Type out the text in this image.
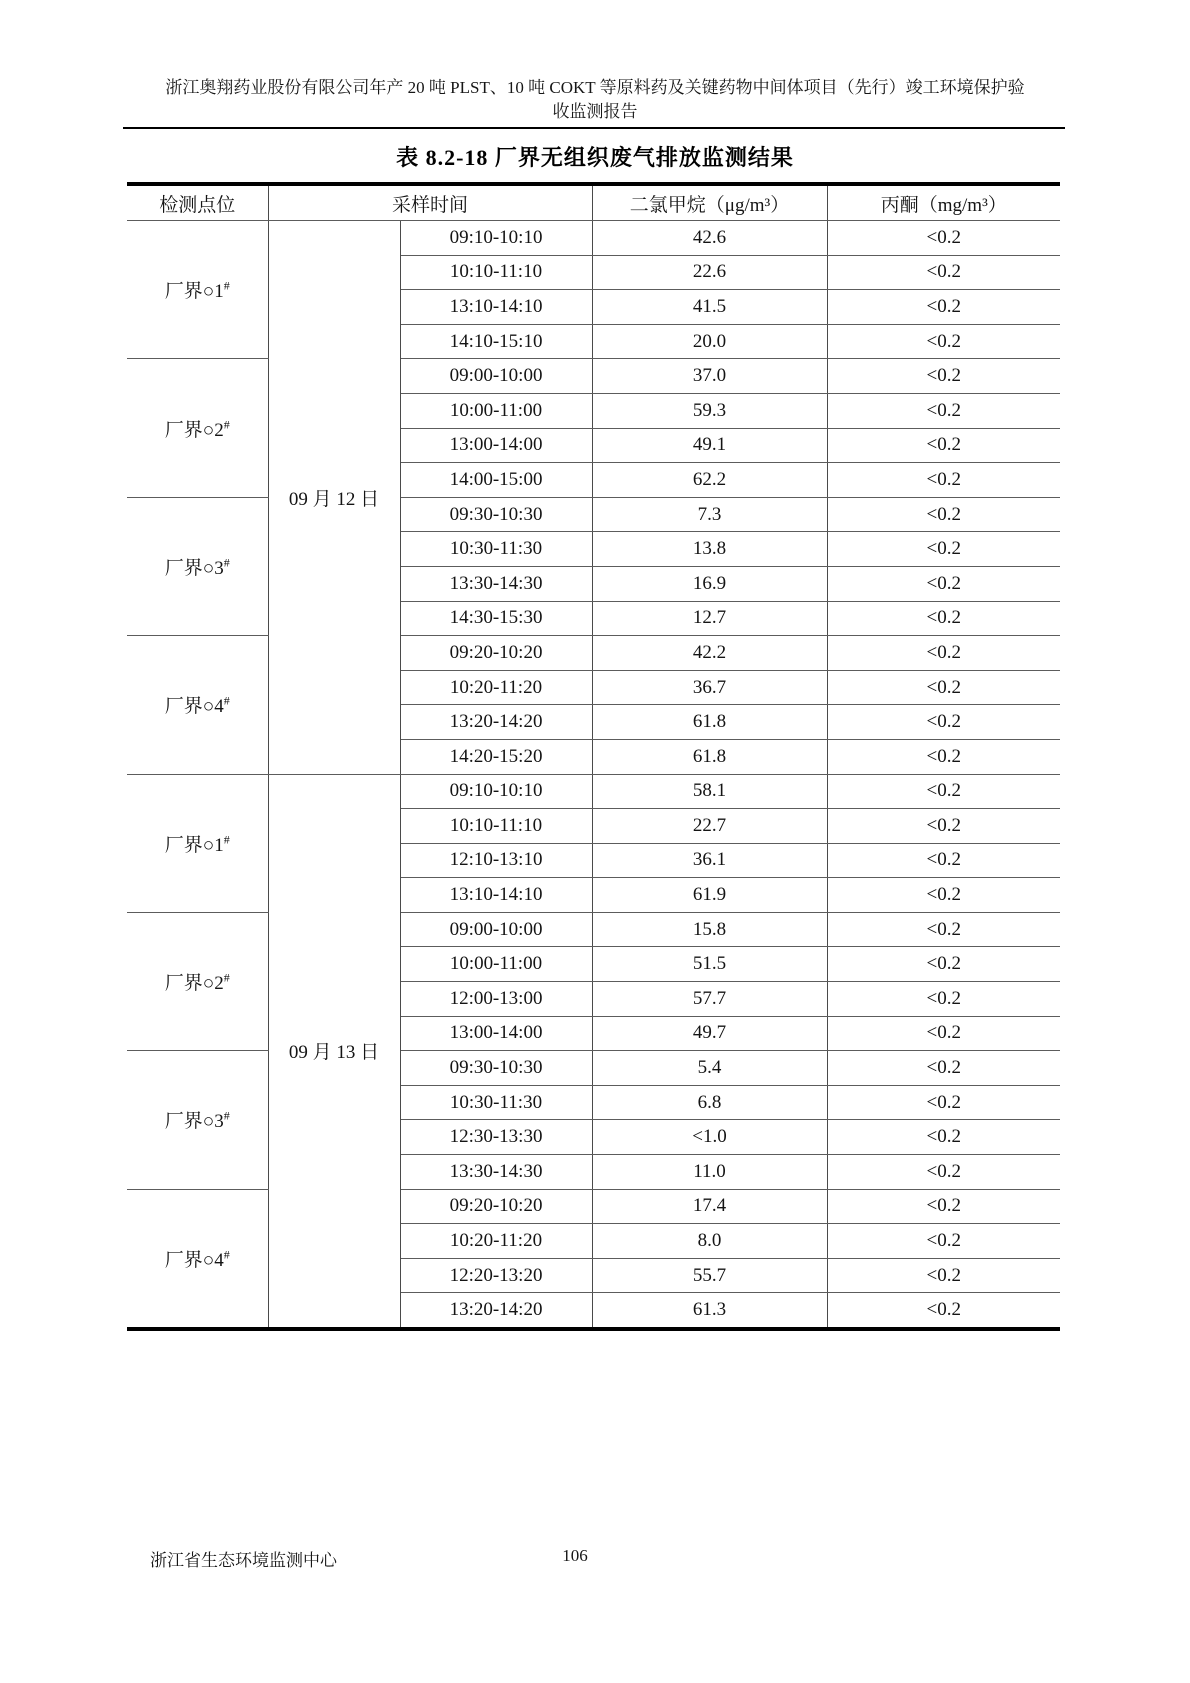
浙江奥翔药业股份有限公司年产 20 吨 PLST、10 吨 COKT 等原料药及关键药物中间体项目（先行）竣工环境保护验
收监测报告
表 8.2-18 厂界无组织废气排放监测结果
检测点位	采样时间		二氯甲烷（μg/m³）	丙酮（mg/m³）
厂界○1#	09 月 12 日	09:10-10:10	42.6	<0.2
		10:10-11:10	22.6	<0.2
		13:10-14:10	41.5	<0.2
		14:10-15:10	20.0	<0.2
厂界○2#		09:00-10:00	37.0	<0.2
		10:00-11:00	59.3	<0.2
		13:00-14:00	49.1	<0.2
		14:00-15:00	62.2	<0.2
厂界○3#		09:30-10:30	7.3	<0.2
		10:30-11:30	13.8	<0.2
		13:30-14:30	16.9	<0.2
		14:30-15:30	12.7	<0.2
厂界○4#		09:20-10:20	42.2	<0.2
		10:20-11:20	36.7	<0.2
		13:20-14:20	61.8	<0.2
		14:20-15:20	61.8	<0.2
厂界○1#	09 月 13 日	09:10-10:10	58.1	<0.2
		10:10-11:10	22.7	<0.2
		12:10-13:10	36.1	<0.2
		13:10-14:10	61.9	<0.2
厂界○2#		09:00-10:00	15.8	<0.2
		10:00-11:00	51.5	<0.2
		12:00-13:00	57.7	<0.2
		13:00-14:00	49.7	<0.2
厂界○3#		09:30-10:30	5.4	<0.2
		10:30-11:30	6.8	<0.2
		12:30-13:30	<1.0	<0.2
		13:30-14:30	11.0	<0.2
厂界○4#		09:20-10:20	17.4	<0.2
		10:20-11:20	8.0	<0.2
		12:20-13:20	55.7	<0.2
		13:20-14:20	61.3	<0.2
浙江省生态环境监测中心	106
